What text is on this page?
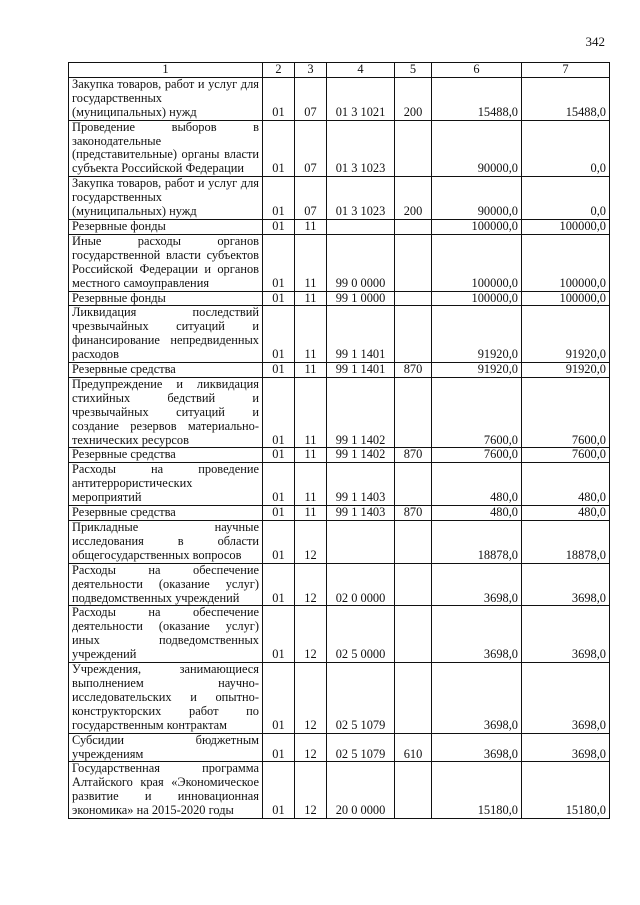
342
1	2	3	4	5	6	7
Закупка товаров, работ и услуг для государственных (муниципальных) нужд	01	07	01 3 1021	200	15488,0	15488,0
Проведение выборов в законодательные (представительные) органы власти субъекта Российской Федерации	01	07	01 3 1023		90000,0	0,0
Закупка товаров, работ и услуг для государственных (муниципальных) нужд	01	07	01 3 1023	200	90000,0	0,0
Резервные фонды	01	11			100000,0	100000,0
Иные расходы органов государственной власти субъектов Российской Федерации и органов местного самоуправления	01	11	99 0 0000		100000,0	100000,0
Резервные фонды	01	11	99 1 0000		100000,0	100000,0
Ликвидация последствий чрезвычайных ситуаций и финансирование непредвиденных расходов	01	11	99 1 1401		91920,0	91920,0
Резервные средства	01	11	99 1 1401	870	91920,0	91920,0
Предупреждение и ликвидация стихийных бедствий и чрезвычайных ситуаций и создание резервов материально-технических ресурсов	01	11	99 1 1402		7600,0	7600,0
Резервные средства	01	11	99 1 1402	870	7600,0	7600,0
Расходы на проведение антитеррористических мероприятий	01	11	99 1 1403		480,0	480,0
Резервные средства	01	11	99 1 1403	870	480,0	480,0
Прикладные научные исследования в области общегосударственных вопросов	01	12			18878,0	18878,0
Расходы на обеспечение деятельности (оказание услуг) подведомственных учреждений	01	12	02 0 0000		3698,0	3698,0
Расходы на обеспечение деятельности (оказание услуг) иных подведомственных учреждений	01	12	02 5 0000		3698,0	3698,0
Учреждения, занимающиеся выполнением научно-исследовательских и опытно-конструкторских работ по государственным контрактам	01	12	02 5 1079		3698,0	3698,0
Субсидии бюджетным учреждениям	01	12	02 5 1079	610	3698,0	3698,0
Государственная программа Алтайского края «Экономическое развитие и инновационная экономика» на 2015-2020 годы	01	12	20 0 0000		15180,0	15180,0
